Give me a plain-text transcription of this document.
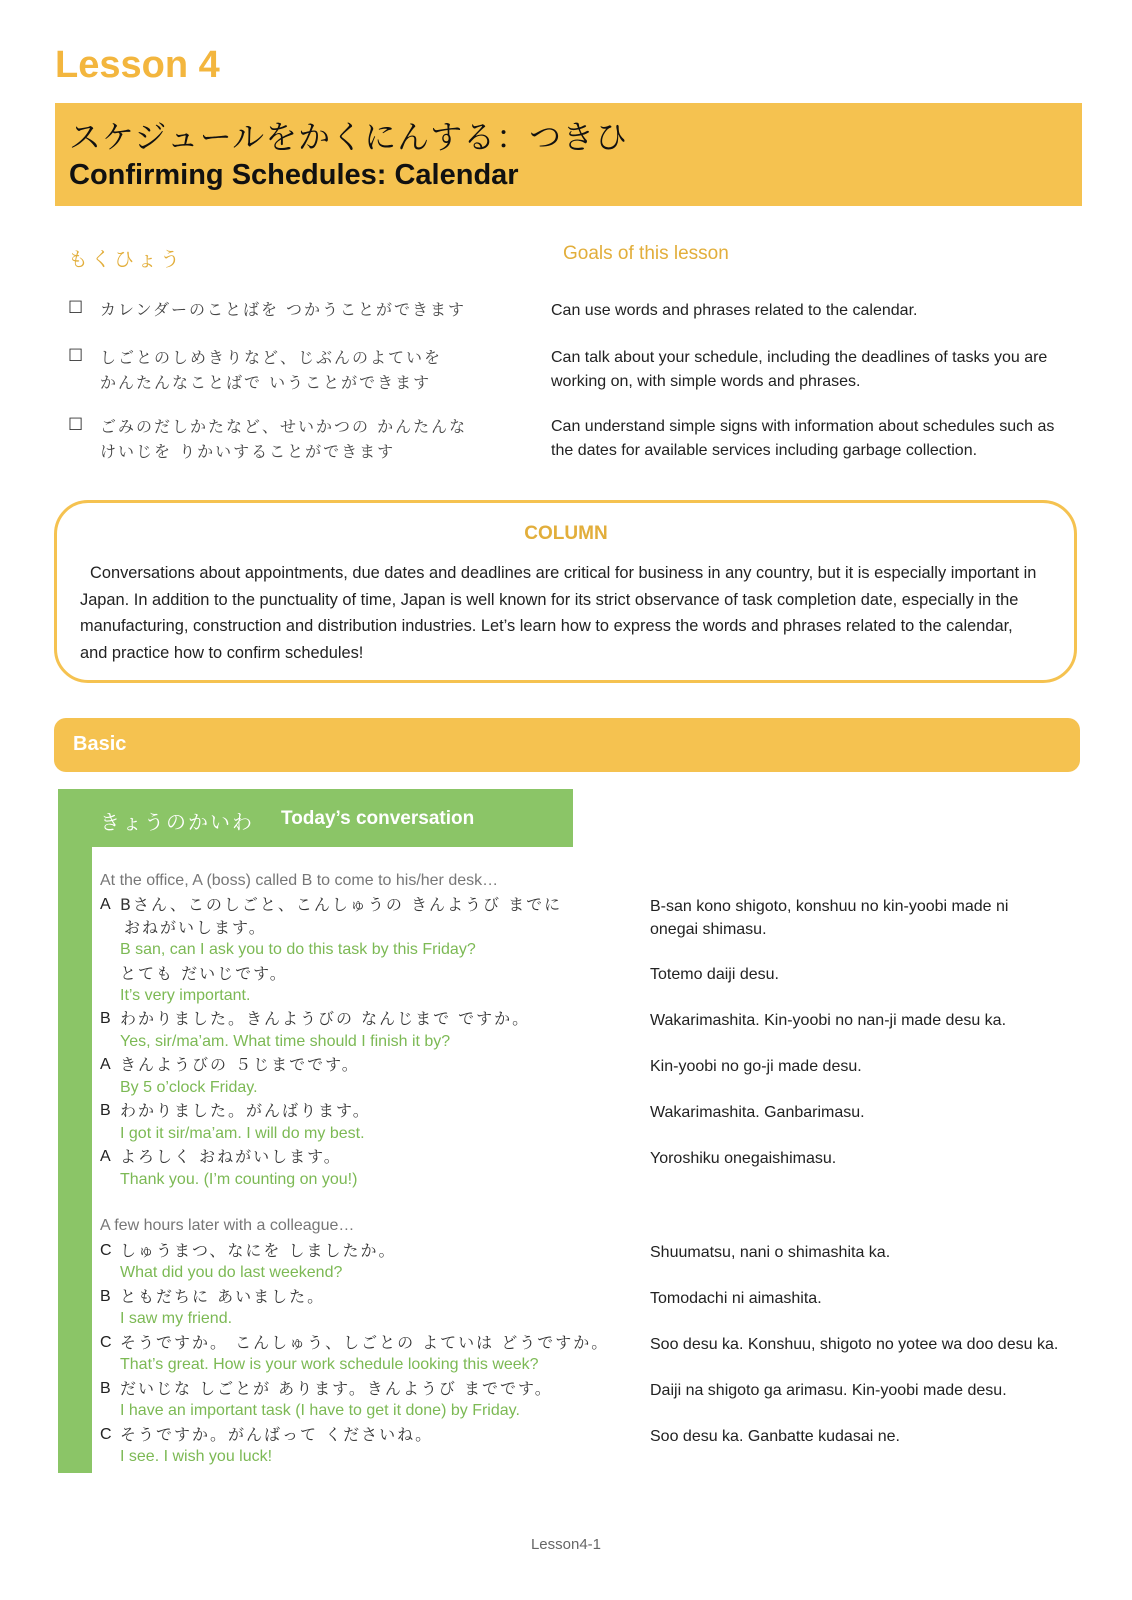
Lesson 4
スケジュールをかくにんする：つきひ
Confirming Schedules: Calendar
もくひょう	Goals of this lesson
☐ カレンダーのことばを つかうことができます	Can use words and phrases related to the calendar.
☐ しごとのしめきりなど、じぶんのよていを
かんたんなことばで いうことができます
Can talk about your schedule, including the deadlines of tasks you are working on, with simple words and phrases.
☐ ごみのだしかたなど、せいかつの かんたんな
けいじを りかいすることができます
Can understand simple signs with information about schedules such as the dates for available services including garbage collection.
COLUMN
Conversations about appointments, due dates and deadlines are critical for business in any country, but it is especially important in Japan. In addition to the punctuality of time, Japan is well known for its strict observance of task completion date, especially in the manufacturing, construction and distribution industries. Let’s learn how to express the words and phrases related to the calendar, and practice how to confirm schedules!
Basic
きょうのかいわ Today’s conversation
At the office, A (boss) called B to come to his/her desk…
A Bさん、このしごと、こんしゅうの きんようび までに
おねがいします。
B san, can I ask you to do this task by this Friday?
B-san kono shigoto, konshuu no kin-yoobi made ni onegai shimasu.
とても だいじです。
It’s very important.
Totemo daiji desu.
B わかりました。きんようびの なんじまで ですか。
Yes, sir/ma’am. What time should I finish it by?
Wakarimashita. Kin-yoobi no nan-ji made desu ka.
A きんようびの ５じまでです。
By 5 o’clock Friday.
Kin-yoobi no go-ji made desu.
B わかりました。がんばります。
I got it sir/ma’am. I will do my best.
Wakarimashita. Ganbarimasu.
A よろしく おねがいします。
Thank you. (I’m counting on you!)
Yoroshiku onegaishimasu.
A few hours later with a colleague…
C しゅうまつ、なにを しましたか。
What did you do last weekend?
Shuumatsu, nani o shimashita ka.
B ともだちに あいました。
I saw my friend.
Tomodachi ni aimashita.
C そうですか。 こんしゅう、しごとの よていは どうですか。
That’s great. How is your work schedule looking this week?
Soo desu ka. Konshuu, shigoto no yotee wa doo desu ka.
B だいじな しごとが あります。きんようび までです。
I have an important task (I have to get it done) by Friday.
Daiji na shigoto ga arimasu. Kin-yoobi made desu.
C そうですか。がんばって くださいね。
I see. I wish you luck!
Soo desu ka. Ganbatte kudasai ne.
Lesson4-1
